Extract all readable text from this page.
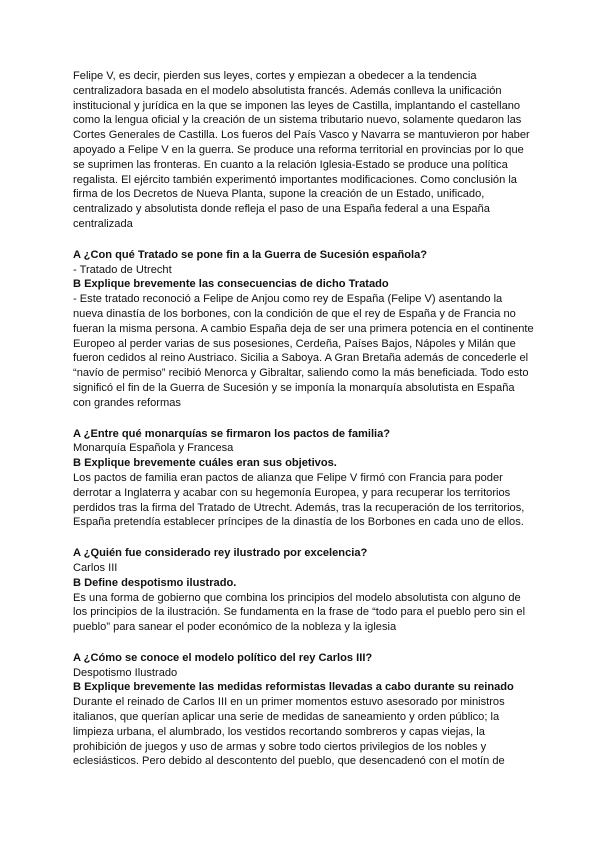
Felipe V, es decir, pierden sus leyes, cortes y empiezan a obedecer a la tendencia centralizadora basada en el modelo absolutista francés. Además conlleva la unificación institucional y jurídica en la que se imponen las leyes de Castilla, implantando el castellano como la lengua oficial y la creación de un sistema tributario nuevo, solamente quedaron las Cortes Generales de Castilla. Los fueros del País Vasco y Navarra se mantuvieron por haber apoyado a Felipe V en la guerra. Se produce una reforma territorial en provincias por lo que se suprimen las fronteras. En cuanto a la relación Iglesia-Estado se produce una política regalista. El ejército también experimentó importantes modificaciones. Como conclusión la firma de los Decretos de Nueva Planta, supone la creación de un Estado, unificado, centralizado y absolutista donde refleja el paso de una España federal a una España centralizada

A ¿Con qué Tratado se pone fin a la Guerra de Sucesión española?

- Tratado de Utrecht

B Explique brevemente las consecuencias de dicho Tratado

- Este tratado reconoció a Felipe de Anjou como rey de España (Felipe V) asentando la nueva dinastía de los borbones, con la condición de que el rey de España y de Francia no fueran la misma persona. A cambio España deja de ser una primera potencia en el continente Europeo al perder varias de sus posesiones, Cerdeña, Países Bajos, Nápoles y Milán que fueron cedidos al reino Austriaco. Sicilia a Saboya. A Gran Bretaña además de concederle el “navío de permiso” recibió Menorca y Gibraltar, saliendo como la más beneficiada. Todo esto significó el fin de la Guerra de Sucesión y se imponía la monarquía absolutista en España con grandes reformas

A ¿Entre qué monarquías se firmaron los pactos de familia?

Monarquía Española y Francesa

B Explique brevemente cuáles eran sus objetivos.

Los pactos de familia eran pactos de alianza que Felipe V firmó con Francia para poder derrotar a Inglaterra y acabar con su hegemonía Europea, y para recuperar los territorios perdidos tras la firma del Tratado de Utrecht. Además, tras la recuperación de los territorios, España pretendía establecer príncipes de la dinastía de los Borbones en cada uno de ellos.

A ¿Quién fue considerado rey ilustrado por excelencia?

Carlos III

B Define despotismo ilustrado.

Es una forma de gobierno que combina los principios del modelo absolutista con alguno de los principios de la ilustración. Se fundamenta en la frase de “todo para el pueblo pero sin el pueblo” para sanear el poder económico de la nobleza y la iglesia

A ¿Cómo se conoce el modelo político del rey Carlos III?

Despotismo Ilustrado

B Explique brevemente las medidas reformistas llevadas a cabo durante su reinado

Durante el reinado de Carlos III en un primer momentos estuvo asesorado por ministros italianos, que querían aplicar una serie de medidas de saneamiento y orden público; la limpieza urbana, el alumbrado, los vestidos recortando sombreros y capas viejas, la prohibición de juegos y uso de armas y sobre todo ciertos privilegios de los nobles y eclesiásticos. Pero debido al descontento del pueblo, que desencadenó con el motín de
